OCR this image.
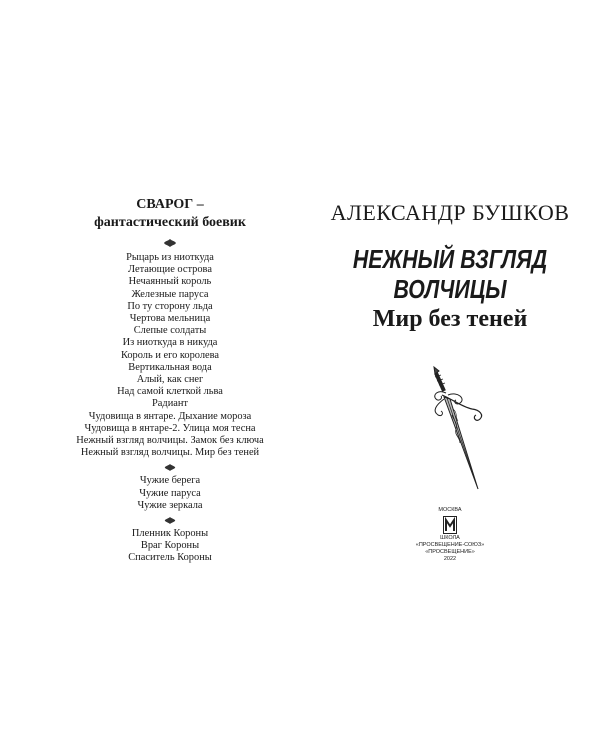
СВАРОГ –
фантастический боевик

Рыцарь из ниоткуда
Летающие острова
Нечаянный король
Железные паруса
По ту сторону льда
Чертова мельница
Слепые солдаты
Из ниоткуда в никуда
Король и его королева
Вертикальная вода
Алый, как снег
Над самой клеткой льва
Радиант
Чудовища в янтаре. Дыхание мороза
Чудовища в янтаре-2. Улица моя тесна
Нежный взгляд волчицы. Замок без ключа
Нежный взгляд волчицы. Мир без теней
Чужие берега
Чужие паруса
Чужие зеркала
Пленник Короны
Враг Короны
Спаситель Короны
АЛЕКСАНДР БУШКОВ
НЕЖНЫЙ ВЗГЛЯД
ВОЛЧИЦЫ
Мир без теней
МОСКВА
ШКОЛА
«ПРОСВЕЩЕНИЕ-СОЮЗ»
«ПРОСВЕЩЕНИЕ»
2022
